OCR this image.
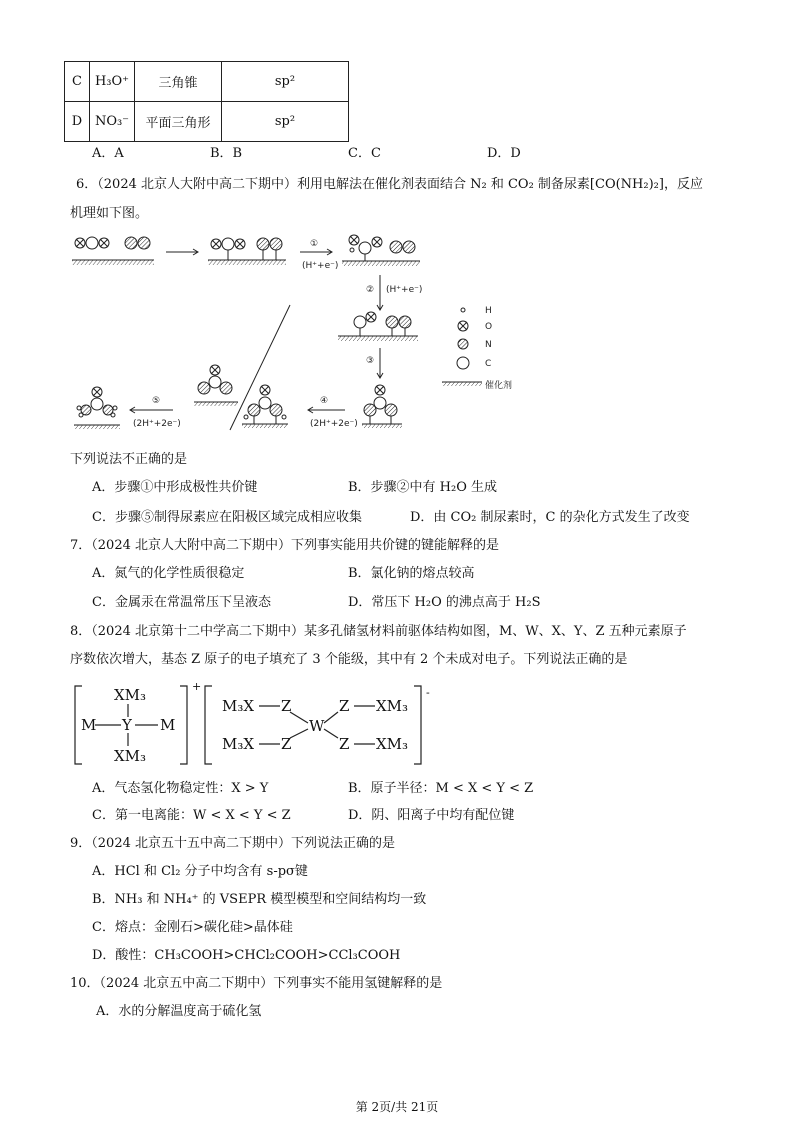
C	H₃O⁺	三角锥	sp²
D	NO₃⁻	平面三角形	sp²
A．A	B．B	C．C	D．D
6．（2024 北京人大附中高二下期中）利用电解法在催化剂表面结合 N₂ 和 CO₂ 制备尿素[CO(NH₂)₂]，反应
机理如下图。
①
(H⁺+e⁻)
② (H⁺+e⁻)
③
④
(2H⁺+2e⁻)
⑤
(2H⁺+2e⁻)
H
O
N
C
催化剂
下列说法不正确的是
A．步骤①中形成极性共价键	B．步骤②中有 H₂O 生成
C．步骤⑤制得尿素应在阳极区域完成相应收集	D．由 CO₂ 制尿素时，C 的杂化方式发生了改变
7．（2024 北京人大附中高二下期中）下列事实能用共价键的键能解释的是
A．氮气的化学性质很稳定	B．氯化钠的熔点较高
C．金属汞在常温常压下呈液态	D．常压下 H₂O 的沸点高于 H₂S
8．（2024 北京第十二中学高二下期中）某多孔储氢材料前驱体结构如图，M、W、X、Y、Z 五种元素原子
序数依次增大，基态 Z 原子的电子填充了 3 个能级，其中有 2 个未成对电子。下列说法正确的是
XM₃
M Y M
XM₃
+
M₃X
M₃X
Z
Z
W
Z
Z
XM₃
XM₃
-
A．气态氢化物稳定性：X > Y	B．原子半径：M < X < Y < Z
C．第一电离能：W < X < Y < Z	D．阴、阳离子中均有配位键
9．（2024 北京五十五中高二下期中）下列说法正确的是
A．HCl 和 Cl₂ 分子中均含有 s-pσ键
B．NH₃ 和 NH₄⁺ 的 VSEPR 模型模型和空间结构均一致
C．熔点：金刚石>碳化硅>晶体硅
D．酸性：CH₃COOH>CHCl₂COOH>CCl₃COOH
10．（2024 北京五中高二下期中）下列事实不能用氢键解释的是
A．水的分解温度高于硫化氢
第 2页/共 21页
